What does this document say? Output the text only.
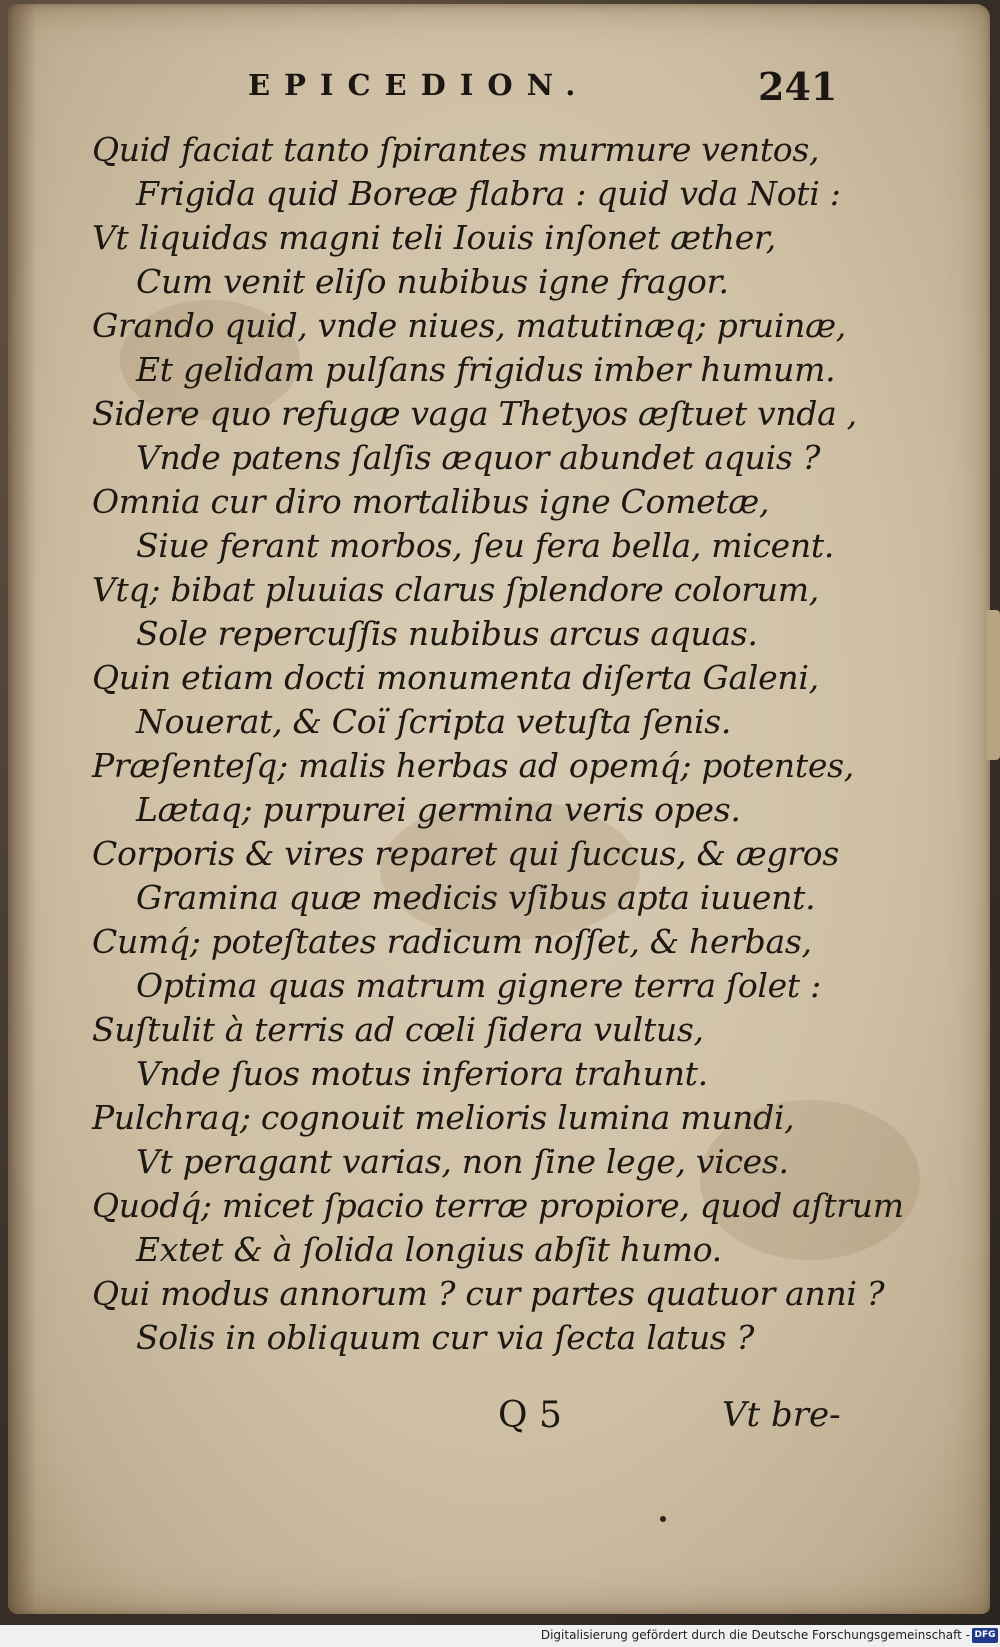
EPICEDION.	241
Quid faciat tanto ſpirantes murmure ventos,
Frigida quid Boreæ flabra : quid vda Noti :
Vt liquidas magni teli Iouis inſonet æther,
Cum venit eliſo nubibus igne fragor.
Grando quid, vnde niues, matutinæq; pruinæ,
Et gelidam pulſans frigidus imber humum.
Sidere quo refugæ vaga Thetyos æſtuet vnda ,
Vnde patens ſalſis æquor abundet aquis ?
Omnia cur diro mortalibus igne Cometæ,
Siue ferant morbos, ſeu fera bella, micent.
Vtq; bibat pluuias clarus ſplendore colorum,
Sole repercuſſis nubibus arcus aquas.
Quin etiam docti monumenta diſerta Galeni,
Nouerat, & Coï ſcripta vetuſta ſenis.
Præſenteſq; malis herbas ad opemq́; potentes,
Lætaq; purpurei germina veris opes.
Corporis & vires reparet qui ſuccus, & ægros
Gramina quæ medicis vſibus apta iuuent.
Cumq́; poteſtates radicum noſſet, & herbas,
Optima quas matrum gignere terra ſolet :
Suſtulit à terris ad cœli ſidera vultus,
Vnde ſuos motus inferiora trahunt.
Pulchraq; cognouit melioris lumina mundi,
Vt peragant varias, non ſine lege, vices.
Quodq́; micet ſpacio terræ propiore, quod aſtrum
Extet & à ſolida longius abſit humo.
Qui modus annorum ? cur partes quatuor anni ?
Solis in obliquum cur via ſecta latus ?
Q 5	Vt bre-
Digitalisierung gefördert durch die Deutsche Forschungsgemeinschaft - DFG
